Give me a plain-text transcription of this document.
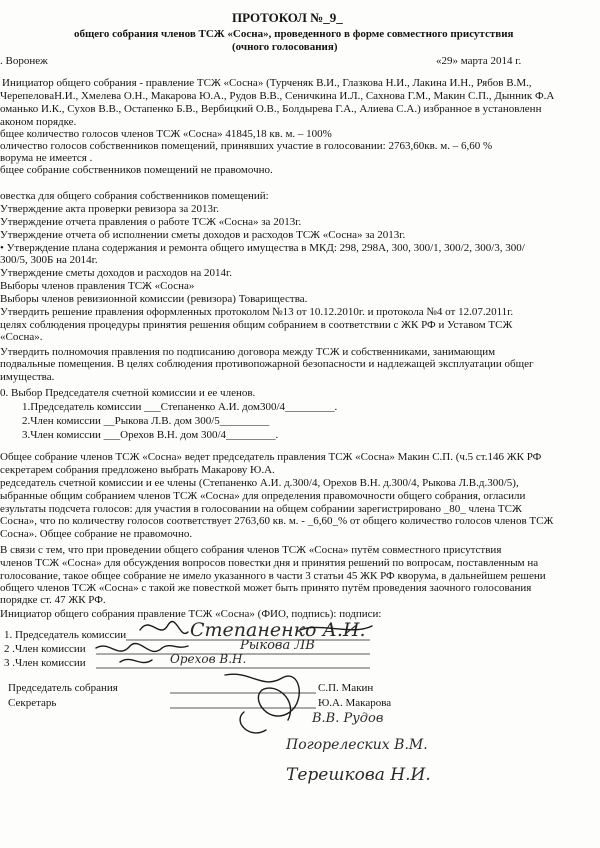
ПРОТОКОЛ №_9_
общего собрания членов ТСЖ «Сосна», проведенного в форме совместного присутствия
(очного голосования)
. Воронеж	«29» марта 2014 г.
Инициатор общего собрания - правление ТСЖ «Сосна» (Турченяк В.И., Глазкова Н.И., Лакина И.Н., Рябов В.М.,
ЧерепеловаН.И., Хмелева О.Н., Макарова Ю.А., Рудов В.В., Сеничкина И.Л., Сахнова Г.М., Макин С.П., Дынник Ф.А
оманько И.К., Сухов В.В., Остапенко Б.В., Вербицкий О.В., Болдырева Г.А., Алиева С.А.) избранное в установленн
аконом порядке.
бщее количество голосов членов ТСЖ «Сосна» 41845,18 кв. м. – 100%
оличество голосов собственников помещений, принявших участие в голосовании: 2763,60кв. м. – 6,60 %
ворума не имеется .
бщее собрание собственников помещений не правомочно.
овестка для общего собрания собственников помещений:
Утверждение акта проверки ревизора за 2013г.
Утверждение отчета правления о работе ТСЖ «Сосна» за 2013г.
Утверждение отчета об исполнении сметы доходов и расходов ТСЖ «Сосна» за 2013г.
• Утверждение плана содержания и ремонта общего имущества в МКД: 298, 298А, 300, 300/1, 300/2, 300/3, 300/
300/5, 300Б на 2014г.
Утверждение сметы доходов и расходов на 2014г.
Выборы членов правления ТСЖ «Сосна»
Выборы членов ревизионной комиссии (ревизора) Товарищества.
Утвердить решение правления оформленных протоколом №13 от 10.12.2010г. и протокола №4 от 12.07.2011г.
целях соблюдения процедуры принятия решения общим собранием в соответствии с ЖК РФ и Уставом ТСЖ
«Сосна».
Утвердить полномочия правления по подписанию договора между ТСЖ и собственниками, занимающим
подвальные помещения. В целях соблюдения противопожарной безопасности и надлежащей эксплуатации общег
имущества.
0. Выбор Председателя счетной комиссии и ее членов.
1.Председатель комиссии ___Степаненко А.И. дом300/4_________.
2.Член комиссии __Рыкова Л.В. дом 300/5_________
3.Член комиссии ___Орехов В.Н. дом 300/4_________.
Общее собрание членов ТСЖ «Сосна» ведет председатель правления ТСЖ «Сосна» Макин С.П. (ч.5 ст.146 ЖК РФ
секретарем собрания предложено выбрать Макарову Ю.А.
редседатель счетной комиссии и ее члены (Степаненко А.И. д.300/4, Орехов В.Н. д.300/4, Рыкова Л.В.д.300/5),
ыбранные общим собранием членов ТСЖ «Сосна» для определения правомочности общего собрания, огласили
езультаты подсчета голосов: для участия в голосовании на общем собрании зарегистрировано _80_ члена ТСЖ
Сосна», что по количеству голосов соответствует 2763,60 кв. м. - _6,60_% от общего количество голосов членов ТСЖ
Сосна». Общее собрание не правомочно.
В связи с тем, что при проведении общего собрания членов ТСЖ «Сосна» путём совместного присутствия
членов ТСЖ «Сосна» для обсуждения вопросов повестки дня и принятия решений по вопросам, поставленным на
голосование, такое общее собрание не имело указанного в части 3 статьи 45 ЖК РФ кворума, в дальнейшем решени
общего членов ТСЖ «Сосна» с такой же повесткой может быть принято путём проведения заочного голосования
порядке ст. 47 ЖК РФ.
Инициатор общего собрания правление ТСЖ «Сосна» (ФИО, подпись): подписи:
1. Председатель комиссии
2 .Член комиссии
3 .Член комиссии
Степаненко А.И.
Рыкова ЛВ
Орехов В.Н.
Председатель собрания
Секретарь
С.П. Макин
Ю.А. Макарова
В.В. Рудов
Погорелеских В.М.
Терешкова Н.И.
